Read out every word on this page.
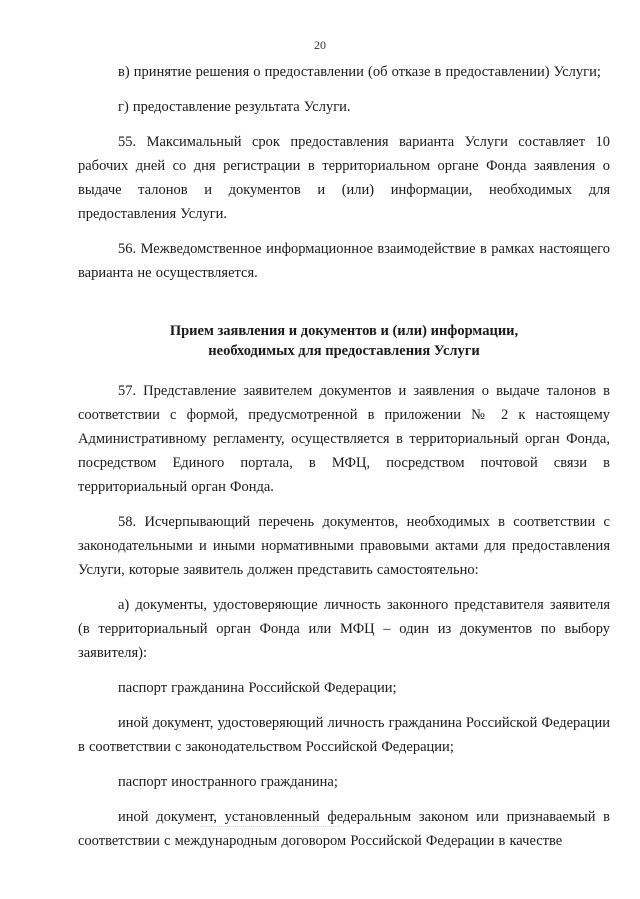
20

в) принятие решения о предоставлении (об отказе в предоставлении) Услуги;

г) предоставление результата Услуги.

55. Максимальный срок предоставления варианта Услуги составляет 10 рабочих дней со дня регистрации в территориальном органе Фонда заявления о выдаче талонов и документов и (или) информации, необходимых для предоставления Услуги.

56. Межведомственное информационное взаимодействие в рамках настоящего варианта не осуществляется.

Прием заявления и документов и (или) информации,
необходимых для предоставления Услуги

57. Представление заявителем документов и заявления о выдаче талонов в соответствии с формой, предусмотренной в приложении № 2 к настоящему Административному регламенту, осуществляется в территориальный орган Фонда, посредством Единого портала, в МФЦ, посредством почтовой связи в территориальный орган Фонда.

58. Исчерпывающий перечень документов, необходимых в соответствии с законодательными и иными нормативными правовыми актами для предоставления Услуги, которые заявитель должен представить самостоятельно:

а) документы, удостоверяющие личность законного представителя заявителя (в территориальный орган Фонда или МФЦ – один из документов по выбору заявителя):

паспорт гражданина Российской Федерации;

иной документ, удостоверяющий личность гражданина Российской Федерации в соответствии с законодательством Российской Федерации;

паспорт иностранного гражданина;

иной документ, установленный федеральным законом или признаваемый в соответствии с международным договором Российской Федерации в качестве
